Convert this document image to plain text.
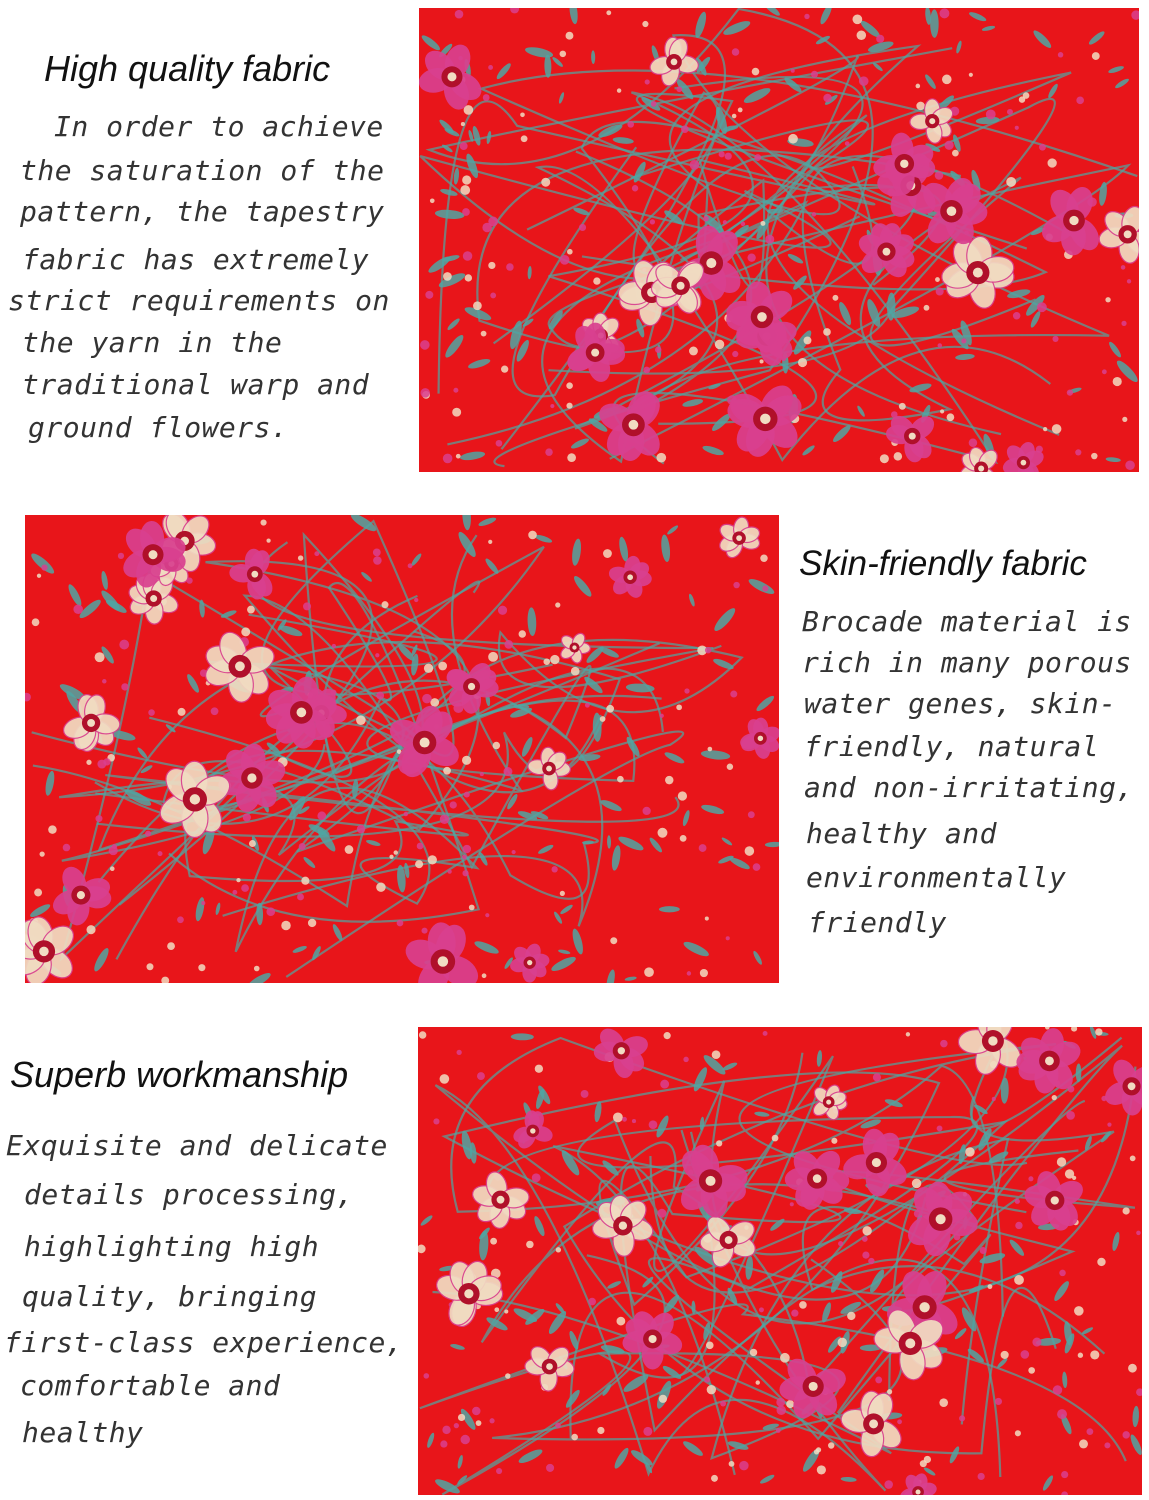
High quality fabric
In order to achieve
the saturation of the
pattern, the tapestry
fabric has extremely
strict requirements on
the yarn in the
traditional warp and
ground flowers.
Skin-friendly fabric
Brocade material is
rich in many porous
water genes, skin-
friendly, natural
and non-irritating,
healthy and
environmentally
friendly
Superb workmanship
Exquisite and delicate
details processing,
highlighting high
quality, bringing
first-class experience,
comfortable and
healthy
